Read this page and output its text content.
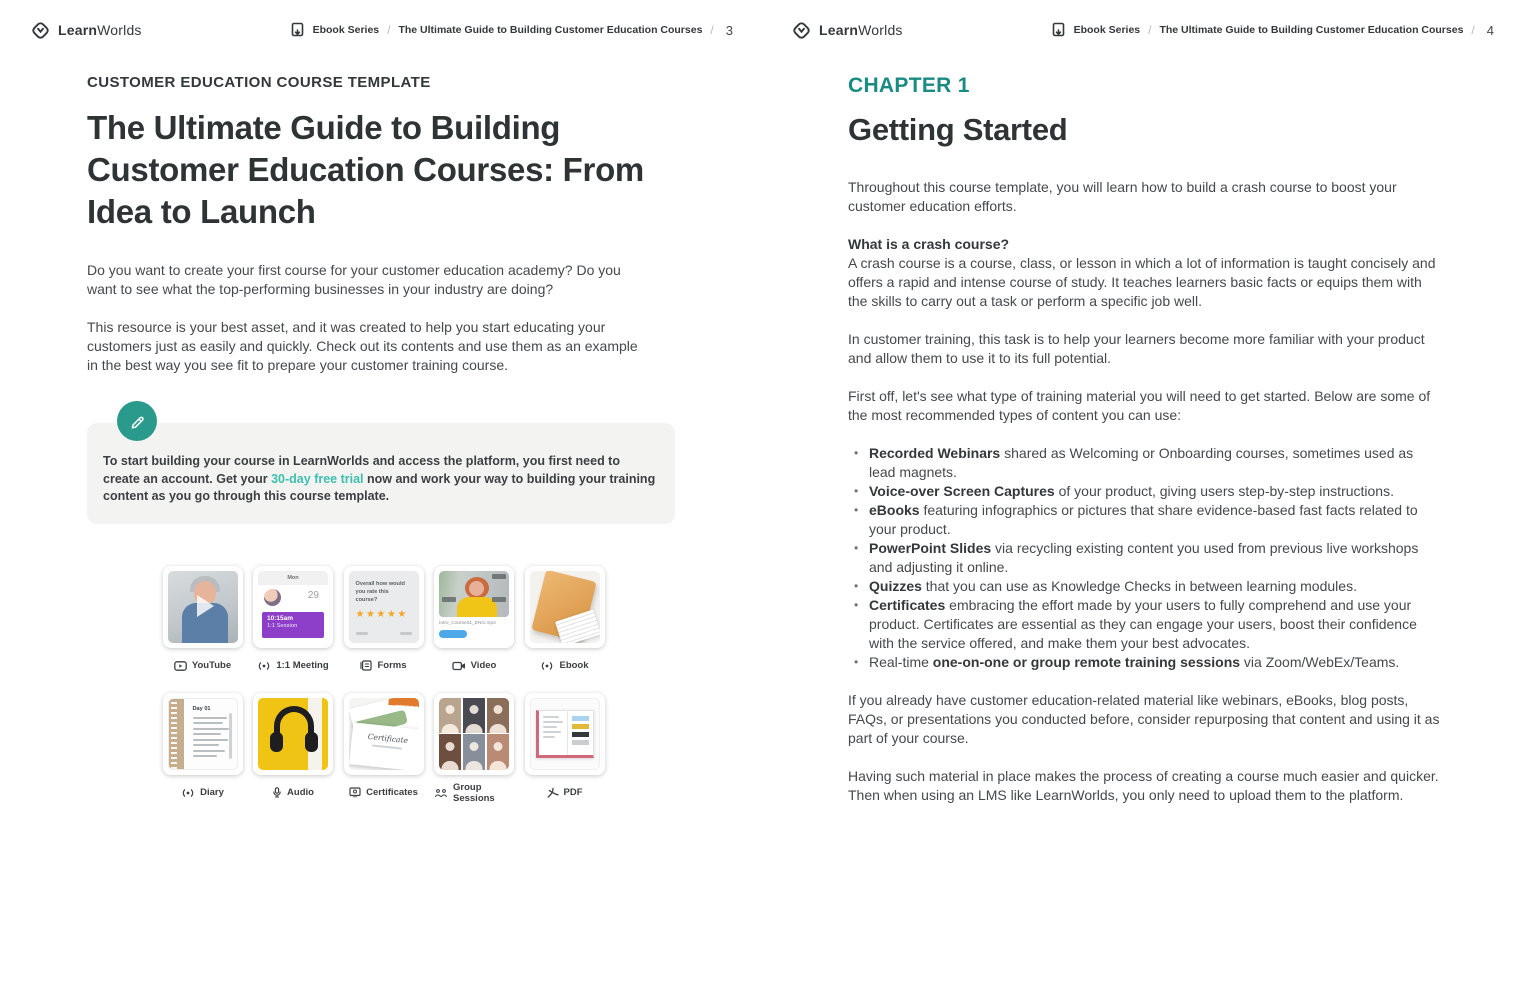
LearnWorlds	Ebook Series / The Ultimate Guide to Building Customer Education Courses / 3
CUSTOMER EDUCATION COURSE TEMPLATE
The Ultimate Guide to Building Customer Education Courses: From Idea to Launch

Do you want to create your first course for your customer education academy? Do you want to see what the top-performing businesses in your industry are doing?

This resource is your best asset, and it was created to help you start educating your customers just as easily and quickly. Check out its contents and use them as an example in the best way you see fit to prepare your customer training course.

To start building your course in LearnWorlds and access the platform, you first need to create an account. Get your 30-day free trial now and work your way to building your training content as you go through this course template.

YouTube
Mon
29
10:15am
1:1 Session
1:1 Meeting
Overall how would you rate this course?
★★★★★
Forms
Intro_Course01_ENG.mp4
Video	Ebook
Day 01
Diary	Audio
CERTIFIC
Certificate
Certificates	Group Sessions	PDF
LearnWorlds	Ebook Series / The Ultimate Guide to Building Customer Education Courses / 4
CHAPTER 1
Getting Started

Throughout this course template, you will learn how to build a crash course to boost your customer education efforts.

What is a crash course?

A crash course is a course, class, or lesson in which a lot of information is taught concisely and offers a rapid and intense course of study. It teaches learners basic facts or equips them with the skills to carry out a task or perform a specific job well.

In customer training, this task is to help your learners become more familiar with your product and allow them to use it to its full potential.

First off, let's see what type of training material you will need to get started. Below are some of the most recommended types of content you can use:

• Recorded Webinars shared as Welcoming or Onboarding courses, sometimes used as lead magnets.
• Voice-over Screen Captures of your product, giving users step-by-step instructions.
• eBooks featuring infographics or pictures that share evidence-based fast facts related to your product.
• PowerPoint Slides via recycling existing content you used from previous live workshops and adjusting it online.
• Quizzes that you can use as Knowledge Checks in between learning modules.
• Certificates embracing the effort made by your users to fully comprehend and use your product. Certificates are essential as they can engage your users, boost their confidence with the service offered, and make them your best advocates.
• Real-time one-on-one or group remote training sessions via Zoom/WebEx/Teams.

If you already have customer education-related material like webinars, eBooks, blog posts, FAQs, or presentations you conducted before, consider repurposing that content and using it as part of your course.

Having such material in place makes the process of creating a course much easier and quicker. Then when using an LMS like LearnWorlds, you only need to upload them to the platform.
